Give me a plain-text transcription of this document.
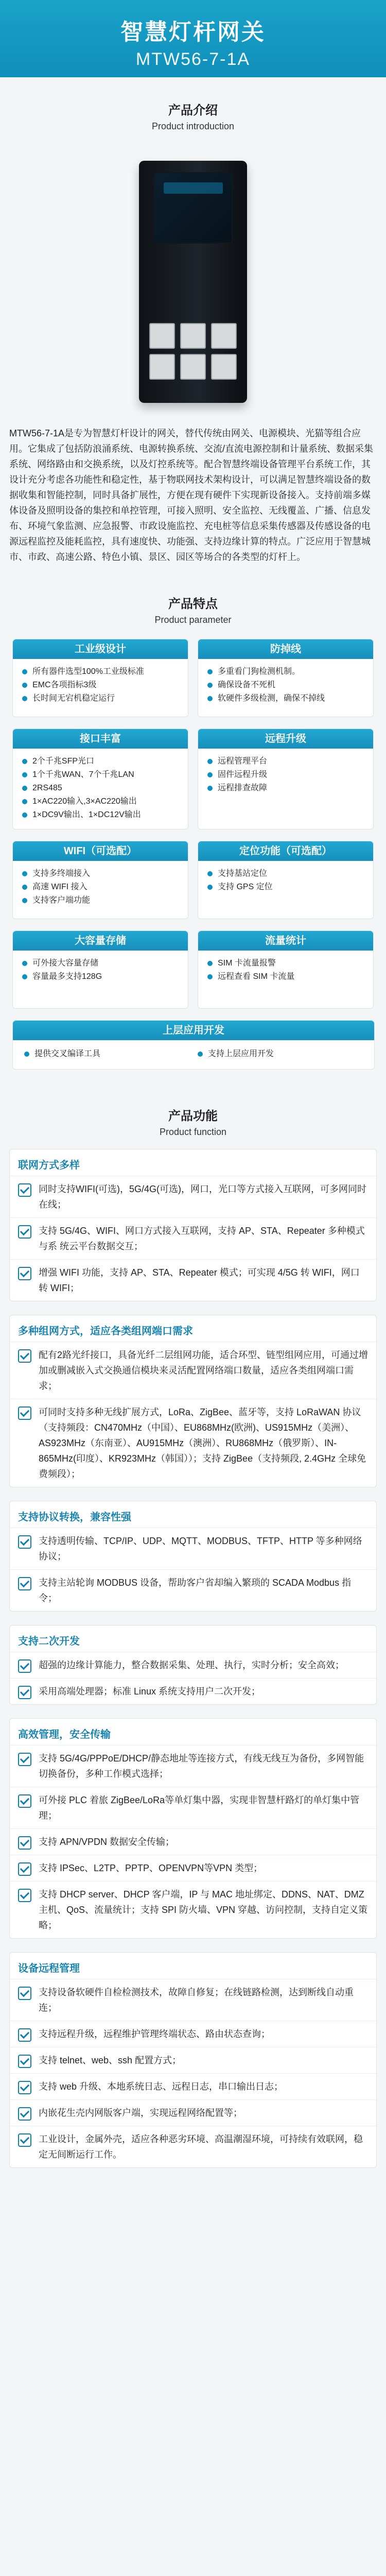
智慧灯杆网关
MTW56-7-1A
产品介绍
Product introduction
MTW56-7-1A是专为智慧灯杆设计的网关，替代传统由网关、电源模块、光猫等组合应用。它集成了包括防浪涌系统、电源转换系统、交流/直流电源控制和计量系统、数据采集系统、网络路由和交换系统，以及灯控系统等。配合智慧终端设备管理平台系统工作，其设计充分考虑各功能性和稳定性，基于物联网技术架构设计，可以满足智慧终端设备的数据收集和智能控制，同时具备扩展性，方便在现有硬件下实现新设备接入。支持前端多媒体设备及照明设备的集控和单控管理，可接入照明、安全监控、无线覆盖、广播、信息发布、环境气象监测、应急报警、市政设施监控、充电桩等信息采集传感器及传感设备的电源远程监控及能耗监控，具有速度快、功能强、支持边缘计算的特点。广泛应用于智慧城市、市政、高速公路、特色小镇、景区、园区等场合的各类型的灯杆上。
产品特点
Product parameter
工业级设计
所有器件选型100%工业级标准
EMC各项指标3级
长时间无宕机稳定运行
防掉线
多重看门狗检测机制。
确保设备不死机
软硬件多级检测，确保不掉线
接口丰富
2个千兆SFP光口
1个千兆WAN、7个千兆LAN
2RS485
1×AC220输入,3×AC220输出
1×DC9V输出、1×DC12V输出
远程升级
远程管理平台
固件远程升级
远程排查故障
WIFI（可选配）
支持多终端接入
高速 WIFI 接入
支持客户端功能
定位功能（可选配）
支持基站定位
支持 GPS 定位
大容量存储
可外接大容量存储
容量最多支持128G
流量统计
SIM 卡流量报警
远程查看 SIM 卡流量
上层应用开发
提供交叉编译工具	支持上层应用开发
产品功能
Product function
联网方式多样
同时支持WIFI(可选)，5G/4G(可选)，网口，光口等方式接入互联网，可多网同时 在线；
支持 5G/4G、WIFI、网口方式接入互联网，支持 AP、STA、Repeater 多种模式与系 统云平台数据交互；
增强 WIFI 功能，支持 AP、STA、Repeater 模式；可实现 4/5G 转 WIFI，网口转 WIFI；
多种组网方式，适应各类组网端口需求
配有2路光纤接口，具备光纤二层组网功能，适合环型、链型组网应用，可通过增 加或删减嵌入式交换通信模块来灵活配置网络端口数量，适应各类组网端口需求；
可同时支持多种无线扩展方式，LoRa、ZigBee、蓝牙等，支持 LoRaWAN 协议（支持频段：CN470MHz（中国）、EU868MHz(欧洲)、US915MHz（美洲）、AS923MHz（东南亚）、AU915MHz（澳洲）、RU868MHz（俄罗斯）、IN-865MHz(印度）、KR923MHz（韩国））；支持 ZigBee（支持频段, 2.4GHz 全球免费频段）；
支持协议转换，兼容性强
支持透明传输、TCP/IP、UDP、MQTT、MODBUS、TFTP、HTTP 等多种网络协议；
支持主站轮询 MODBUS 设备，帮助客户省却编入繁琐的 SCADA Modbus 指令；
支持二次开发
超强的边缘计算能力，整合数据采集、处理、执行，实时分析；安全高效；
采用高端处理器；标准 Linux 系统支持用户二次开发；
高效管理，安全传输
支持 5G/4G/PPPoE/DHCP/静态地址等连接方式，有线无线互为备份，多网智能切换备份，多种工作模式选择；
可外接 PLC 着旅 ZigBee/LoRa等单灯集中器，实现非智慧杆路灯的单灯集中管理；
支持 APN/VPDN 数据安全传输；
支持 IPSec、L2TP、PPTP、OPENVPN等VPN 类型；
支持 DHCP server、DHCP 客户端，IP 与 MAC 地址绑定、DDNS、NAT、DMZ 主机、QoS、流量统计；支持 SPI 防火墙、VPN 穿越、访问控制，支持自定义策略；
设备远程管理
支持设备软硬件自检检测技术，故障自修复；在线链路检测，达到断线自动重连；
支持远程升级，远程维护管理终端状态、路由状态查询；
支持 telnet、web、ssh 配置方式；
支持 web 升级、本地系统日志、远程日志，串口输出日志；
内嵌花生壳内网版客户端，实现远程网络配置等；
工业设计，金属外壳，适应各种恶劣环境、高温潮湿环境，可持续有效联网，稳定无间断运行工作。
